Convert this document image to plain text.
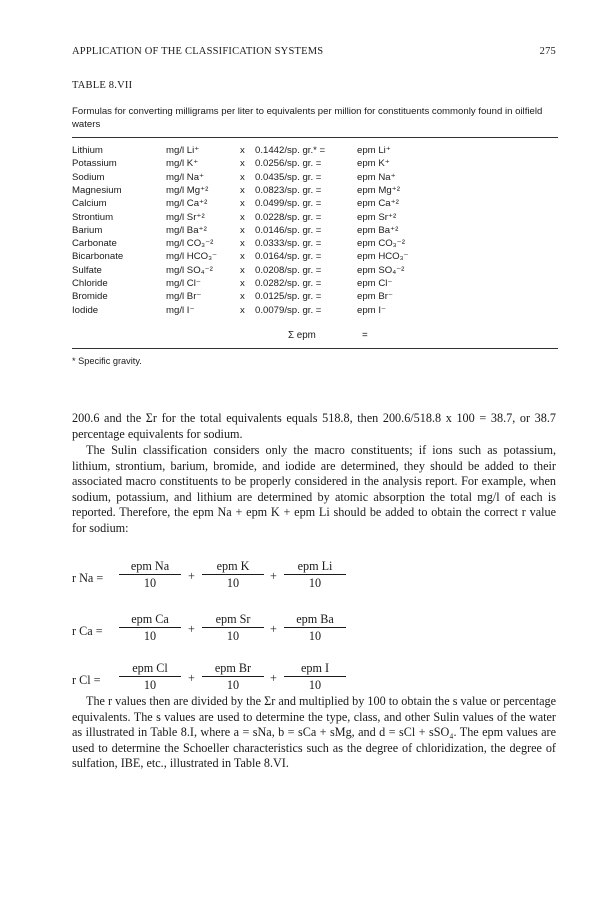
APPLICATION OF THE CLASSIFICATION SYSTEMS	275
TABLE 8.VII
Formulas for converting milligrams per liter to equivalents per million for constituents commonly found in oilfield waters
Lithium	mg/l Li⁺	x 0.1442/sp. gr.* =	epm Li⁺
Potassium	mg/l K⁺	x 0.0256/sp. gr. =	epm K⁺
Sodium	mg/l Na⁺	x 0.0435/sp. gr. =	epm Na⁺
Magnesium	mg/l Mg⁺²	x 0.0823/sp. gr. =	epm Mg⁺²
Calcium	mg/l Ca⁺²	x 0.0499/sp. gr. =	epm Ca⁺²
Strontium	mg/l Sr⁺²	x 0.0228/sp. gr. =	epm Sr⁺²
Barium	mg/l Ba⁺²	x 0.0146/sp. gr. =	epm Ba⁺²
Carbonate	mg/l CO₃⁻²	x 0.0333/sp. gr. =	epm CO₃⁻²
Bicarbonate	mg/l HCO₃⁻ x 0.0164/sp. gr. =	epm HCO₃⁻
Sulfate	mg/l SO₄⁻²	x 0.0208/sp. gr. =	epm SO₄⁻²
Chloride	mg/l Cl⁻	x 0.0282/sp. gr. =	epm Cl⁻
Bromide	mg/l Br⁻	x 0.0125/sp. gr. =	epm Br⁻
Iodide	mg/l I⁻	x 0.0079/sp. gr. =	epm I⁻
Σ epm	=
* Specific gravity.
200.6 and the Σr for the total equivalents equals 518.8, then 200.6/518.8 x 100 = 38.7, or 38.7 percentage equivalents for sodium.
The Sulin classification considers only the macro constituents; if ions such as potassium, lithium, strontium, barium, bromide, and iodide are determined, they should be added to their associated macro constituents to be properly considered in the analysis report. For example, when sodium, potassium, and lithium are determined by atomic absorption the total mg/l of each is reported. Therefore, the epm Na + epm K + epm Li should be added to obtain the correct r value for sodium:
r Na =
epm Na
10	+
epm K
10	+
epm Li
10
r Ca =
epm Ca
10	+
epm Sr
10	+
epm Ba
10
r Cl =
epm Cl
10	+
epm Br
10	+
epm I
10
The r values then are divided by the Σr and multiplied by 100 to obtain the s value or percentage equivalents. The s values are used to determine the type, class, and other Sulin values of the water as illustrated in Table 8.I, where a = sNa, b = sCa + sMg, and d = sCl + sSO₄. The epm values are used to determine the Schoeller characteristics such as the degree of chloridization, the degree of sulfation, IBE, etc., illustrated in Table 8.VI.
